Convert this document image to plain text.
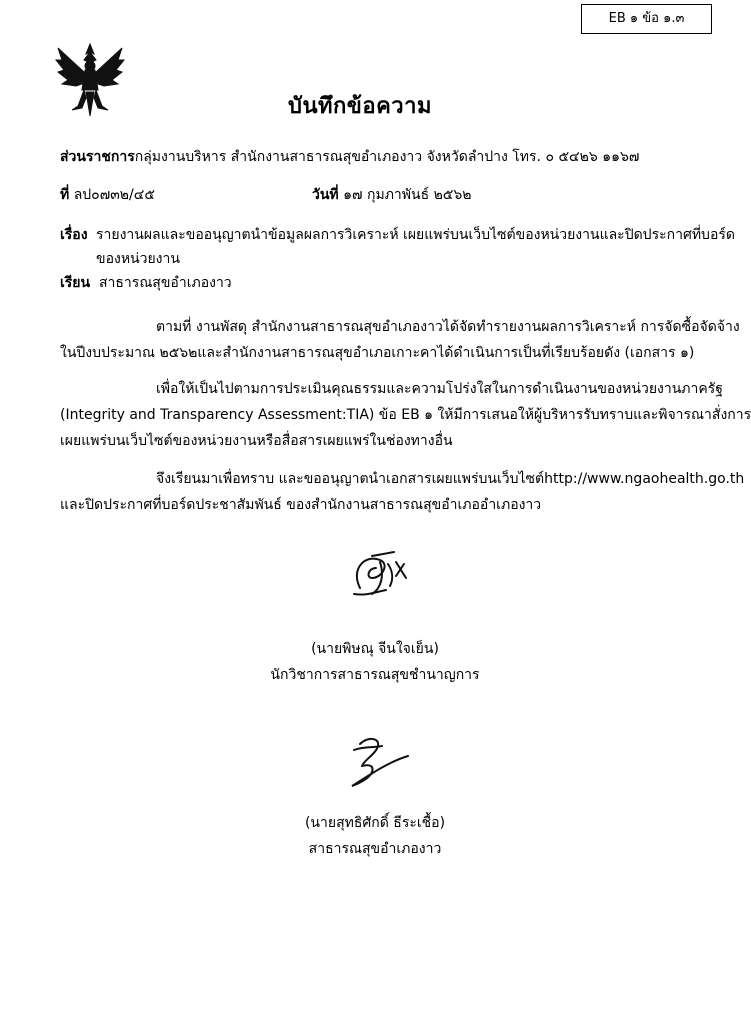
EB ๑ ข้อ ๑.๓
บันทึกข้อความ
ส่วนราชการกลุ่มงานบริหาร สำนักงานสาธารณสุขอำเภองาว จังหวัดลำปาง โทร. ๐ ๕๔๒๖ ๑๑๖๗
ที่ ลป๐๗๓๒/๔๕	วันที่ ๑๗ กุมภาพันธ์ ๒๕๖๒
เรื่อง รายงานผลและขออนุญาตนำข้อมูลผลการวิเคราะห์ เผยแพร่บนเว็บไซต์ของหน่วยงานและปิดประกาศที่บอร์ด
ของหน่วยงาน
เรียน สาธารณสุขอำเภองาว
ตามที่ งานพัสดุ สำนักงานสาธารณสุขอำเภองาวได้จัดทำรายงานผลการวิเคราะห์ การจัดซื้อจัดจ้าง
ในปีงบประมาณ ๒๕๖๒และสำนักงานสาธารณสุขอำเภอเกาะคาได้ดำเนินการเป็นที่เรียบร้อยดัง (เอกสาร ๑)
เพื่อให้เป็นไปตามการประเมินคุณธรรมและความโปร่งใสในการดำเนินงานของหน่วยงานภาครัฐ
(Integrity and Transparency Assessment:TIA) ข้อ EB ๑ ให้มีการเสนอให้ผู้บริหารรับทราบและพิจารณาสั่งการ
เผยแพร่บนเว็บไซต์ของหน่วยงานหรือสื่อสารเผยแพร่ในช่องทางอื่น
จึงเรียนมาเพื่อทราบ และขออนุญาตนำเอกสารเผยแพร่บนเว็บไซต์http://www.ngaohealth.go.th
และปิดประกาศที่บอร์ดประชาสัมพันธ์ ของสำนักงานสาธารณสุขอำเภออำเภองาว
(นายพิษณุ จีนใจเย็น)
นักวิชาการสาธารณสุขชำนาญการ
(นายสุทธิศักดิ์ ธีระเชื้อ)
สาธารณสุขอำเภองาว
